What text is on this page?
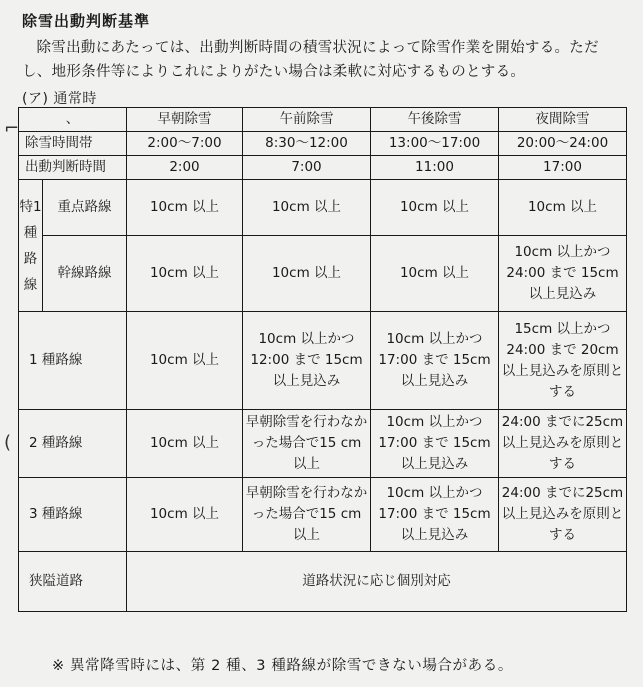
除雪出動判断基準
除雪出動にあたっては、出動判断時間の積雪状況によって除雪作業を開始する。ただし、地形条件等によりこれによりがたい場合は柔軟に対応するものとする。
(ア) 通常時
、		早朝除雪	午前除雪	午後除雪	夜間除雪
除雪時間帯		2:00～7:00	8:30～12:00	13:00～17:00	20:00～24:00
出動判断時間		2:00	7:00	11:00	17:00
特1種路線	重点路線	10cm 以上	10cm 以上	10cm 以上	10cm 以上
	幹線路線	10cm 以上	10cm 以上	10cm 以上	10cm 以上かつ24:00 まで 15cm 以上見込み
1 種路線		10cm 以上	10cm 以上かつ12:00 まで 15cm 以上見込み	10cm 以上かつ17:00 まで 15cm 以上見込み	15cm 以上かつ24:00 まで 20cm 以上見込みを原則とする
2 種路線		10cm 以上	早朝除雪を行わなかった場合で15 cm以上	10cm 以上かつ17:00 まで 15cm 以上見込み	24:00 までに25cm 以上見込みを原則とする
3 種路線		10cm 以上	早朝除雪を行わなかった場合で15 cm以上	10cm 以上かつ17:00 まで 15cm 以上見込み	24:00 までに25cm 以上見込みを原則とする
狭隘道路		道路状況に応じ個別対応			
※ 異常降雪時には、第 2 種、3 種路線が除雪できない場合がある。
⌐
(
